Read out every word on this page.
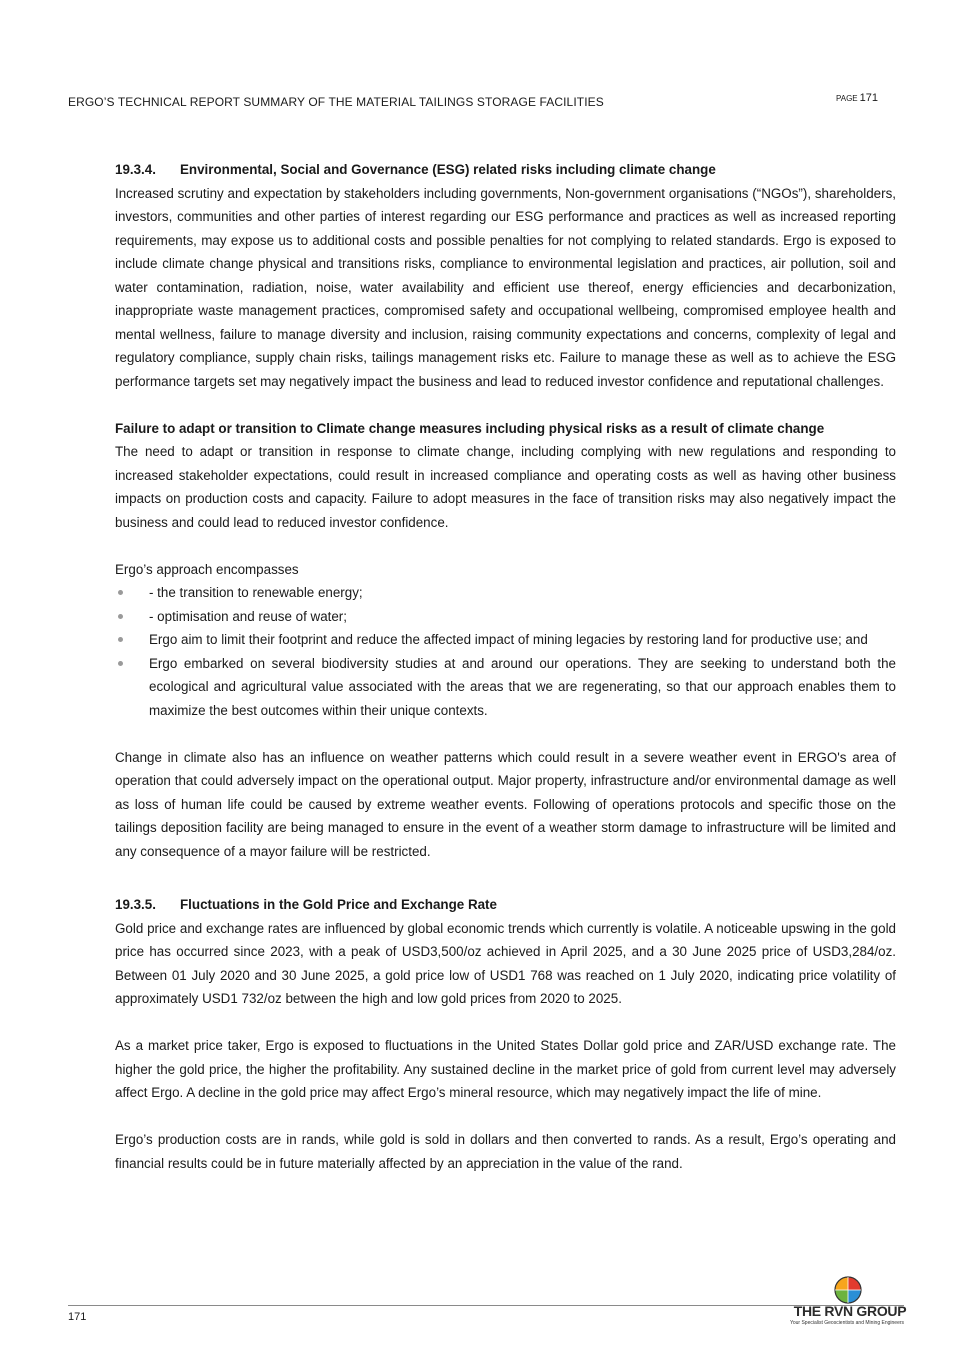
ERGO’S TECHNICAL REPORT SUMMARY OF THE MATERIAL TAILINGS STORAGE FACILITIES	PAGE 171

19.3.4. Environmental, Social and Governance (ESG) related risks including climate change

Increased scrutiny and expectation by stakeholders including governments, Non-government organisations (“NGOs”), shareholders, investors, communities and other parties of interest regarding our ESG performance and practices as well as increased reporting requirements, may expose us to additional costs and possible penalties for not complying to related standards. Ergo is exposed to include climate change physical and transitions risks, compliance to environmental legislation and practices, air pollution, soil and water contamination, radiation, noise, water availability and efficient use thereof, energy efficiencies and decarbonization, inappropriate waste management practices, compromised safety and occupational wellbeing, compromised employee health and mental wellness, failure to manage diversity and inclusion, raising community expectations and concerns, complexity of legal and regulatory compliance, supply chain risks, tailings management risks etc. Failure to manage these as well as to achieve the ESG performance targets set may negatively impact the business and lead to reduced investor confidence and reputational challenges.

Failure to adapt or transition to Climate change measures including physical risks as a result of climate change

The need to adapt or transition in response to climate change, including complying with new regulations and responding to increased stakeholder expectations, could result in increased compliance and operating costs as well as having other business impacts on production costs and capacity. Failure to adopt measures in the face of transition risks may also negatively impact the business and could lead to reduced investor confidence.

Ergo’s approach encompasses

- the transition to renewable energy;
- optimisation and reuse of water;
Ergo aim to limit their footprint and reduce the affected impact of mining legacies by restoring land for productive use; and
Ergo embarked on several biodiversity studies at and around our operations. They are seeking to understand both the ecological and agricultural value associated with the areas that we are regenerating, so that our approach enables them to maximize the best outcomes within their unique contexts.

Change in climate also has an influence on weather patterns which could result in a severe weather event in ERGO's area of operation that could adversely impact on the operational output. Major property, infrastructure and/or environmental damage as well as loss of human life could be caused by extreme weather events. Following of operations protocols and specific those on the tailings deposition facility are being managed to ensure in the event of a weather storm damage to infrastructure will be limited and any consequence of a mayor failure will be restricted.

19.3.5. Fluctuations in the Gold Price and Exchange Rate

Gold price and exchange rates are influenced by global economic trends which currently is volatile. A noticeable upswing in the gold price has occurred since 2023, with a peak of USD3,500/oz achieved in April 2025, and a 30 June 2025 price of USD3,284/oz. Between 01 July 2020 and 30 June 2025, a gold price low of USD1 768 was reached on 1 July 2020, indicating price volatility of approximately USD1 732/oz between the high and low gold prices from 2020 to 2025.

As a market price taker, Ergo is exposed to fluctuations in the United States Dollar gold price and ZAR/USD exchange rate. The higher the gold price, the higher the profitability. Any sustained decline in the market price of gold from current level may adversely affect Ergo. A decline in the gold price may affect Ergo’s mineral resource, which may negatively impact the life of mine.

Ergo’s production costs are in rands, while gold is sold in dollars and then converted to rands. As a result, Ergo’s operating and financial results could be in future materially affected by an appreciation in the value of the rand.

171	THE RVN GROUP
Your Specialist Geoscientists and Mining Engineers
